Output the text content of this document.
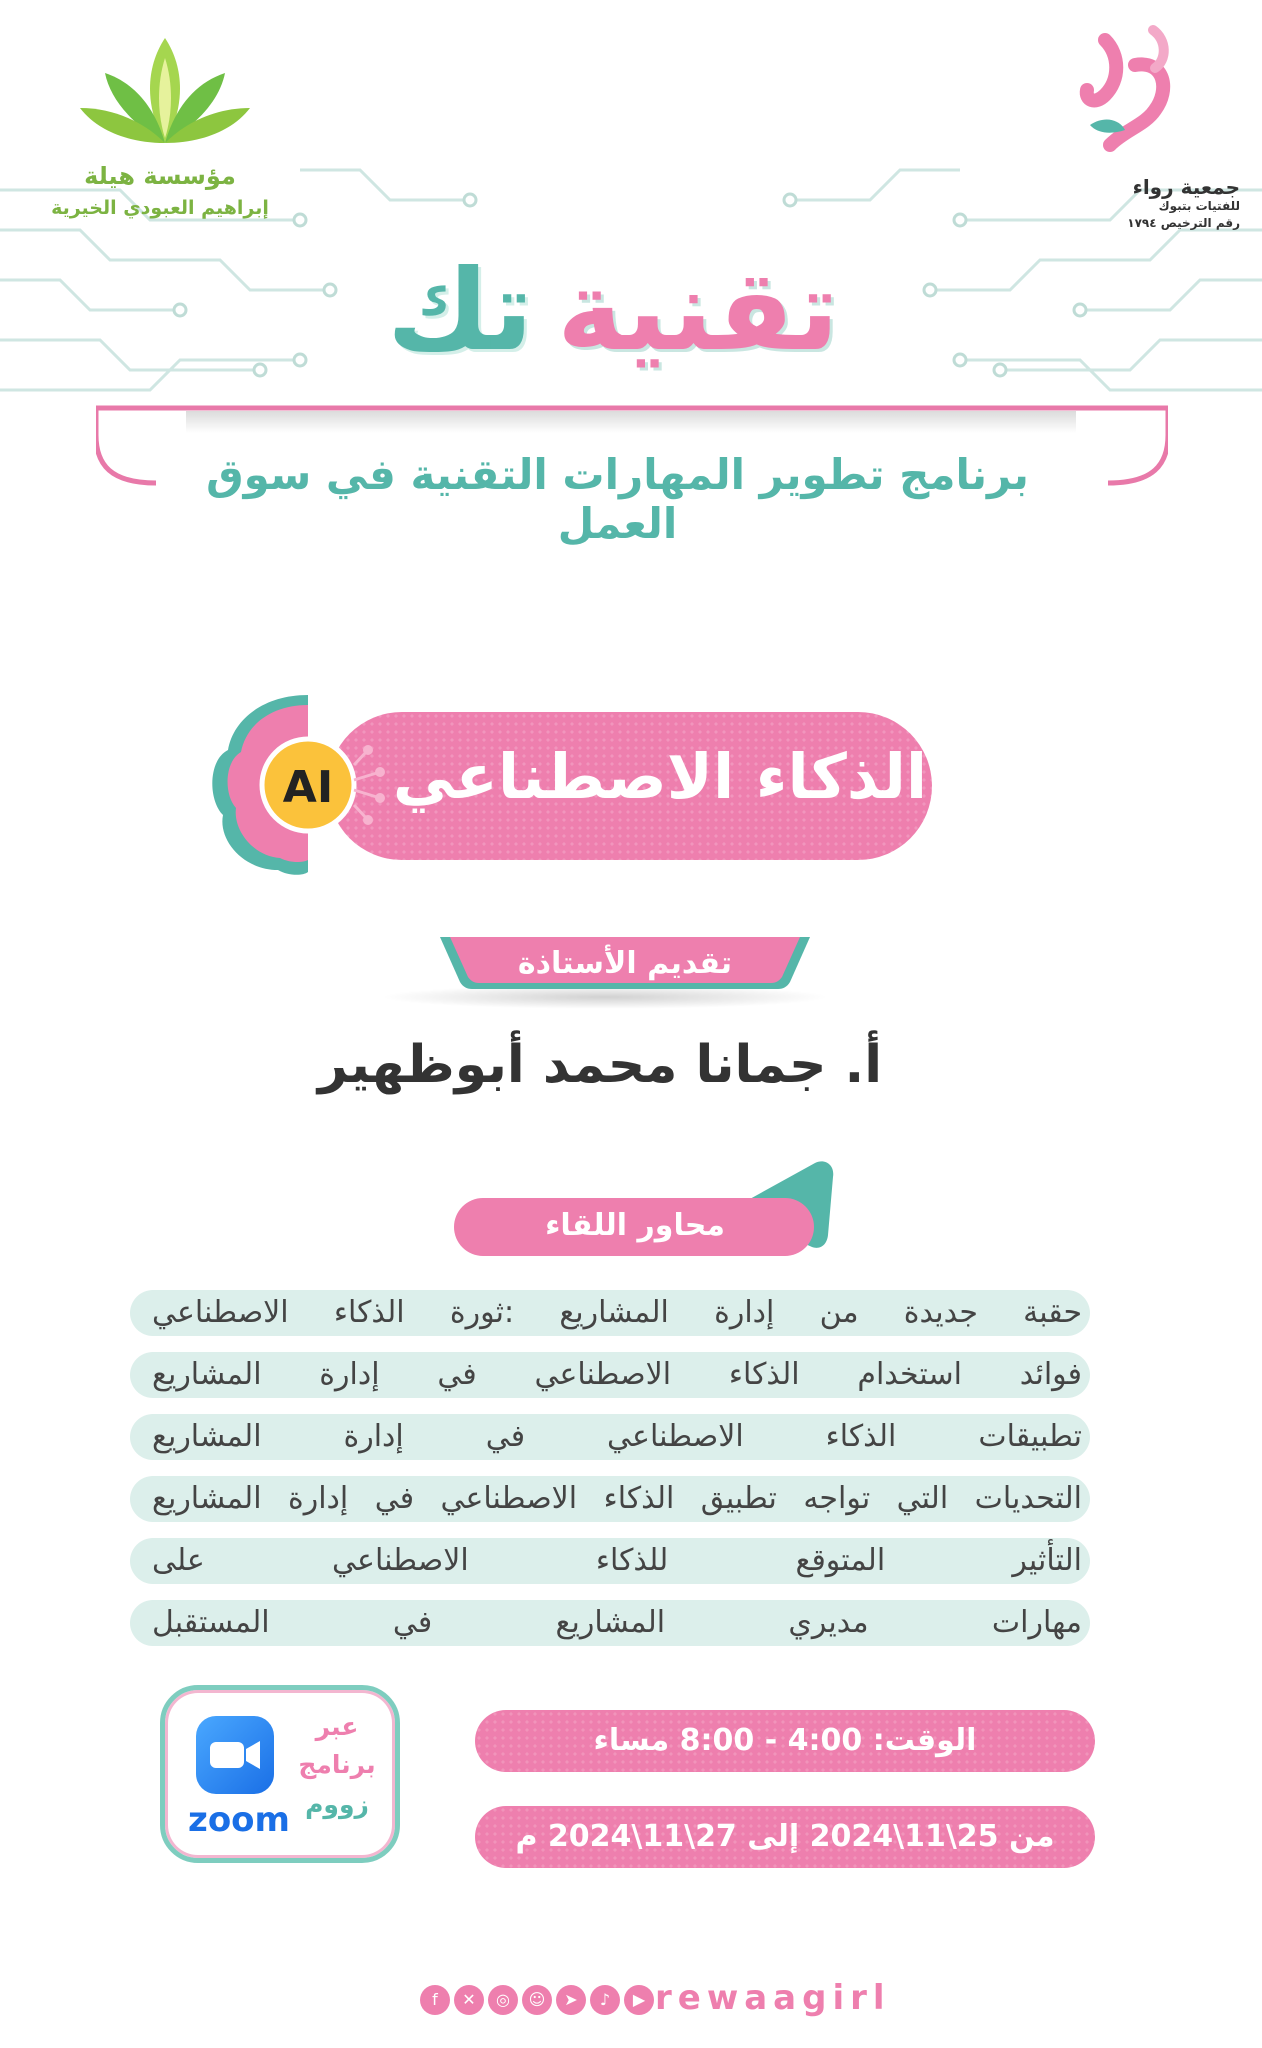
مؤسسة هيلة
إبراهيم العبودي الخيرية
جمعية رواء
للفتيات بتبوك
رقم الترخيص ١٧٩٤
تقنية
تك
برنامج تطوير المهارات التقنية في سوق العمل
AI الذكاء الاصطناعي
تقديم الأستاذة
أ. جمانا محمد أبوظهير
محاور اللقاء
حقبة جديدة من إدارة المشاريع :ثورة الذكاء الاصطناعي
فوائد استخدام الذكاء الاصطناعي في إدارة المشاريع
تطبيقات الذكاء الاصطناعي في إدارة المشاريع
التحديات التي تواجه تطبيق الذكاء الاصطناعي في إدارة المشاريع
التأثير المتوقع للذكاء الاصطناعي على
مهارات مديري المشاريع في المستقبل
zoom
عبر
برنامج
زووم
الوقت: 4:00 - 8:00 مساء
من 25\11\2024 إلى 27\11\2024 م
f	✕	◎	☺	➤	♪	▶ rewaagirl
